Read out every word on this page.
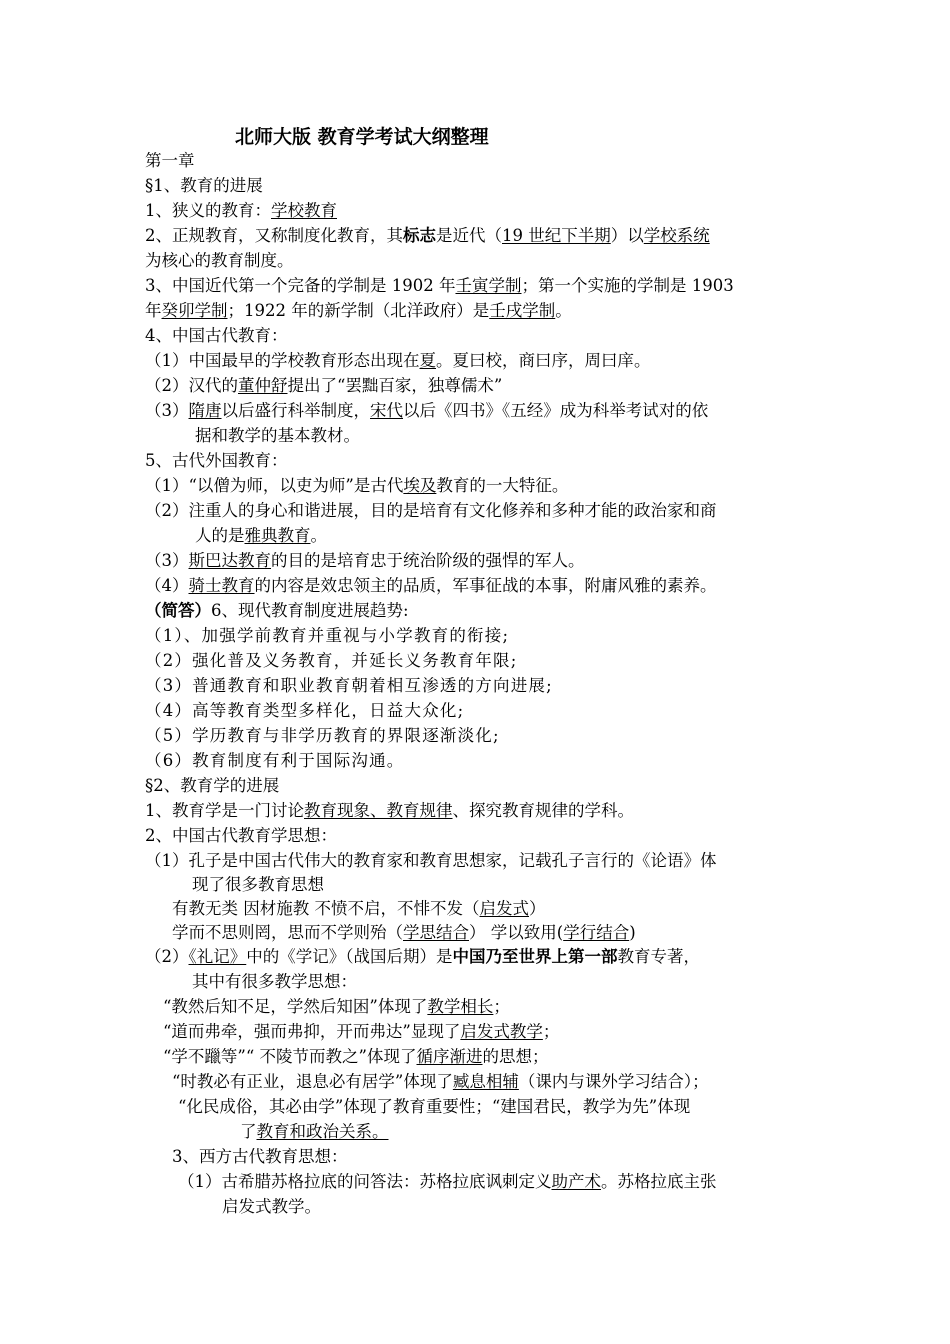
北师大版 教育学考试大纲整理
第一章
§1、教育的进展
1、狭义的教育：学校教育
2、正规教育，又称制度化教育，其标志是近代（19 世纪下半期）以学校系统
为核心的教育制度。
3、中国近代第一个完备的学制是 1902 年壬寅学制；第一个实施的学制是 1903
年癸卯学制；1922 年的新学制（北洋政府）是壬戌学制。
4、中国古代教育：
（1）中国最早的学校教育形态出现在夏。夏曰校，商曰序，周曰庠。
（2）汉代的董仲舒提出了“罢黜百家，独尊儒术”
（3）隋唐以后盛行科举制度，宋代以后《四书》《五经》成为科举考试对的依
据和教学的基本教材。
5、古代外国教育：
（1）“以僧为师，以吏为师”是古代埃及教育的一大特征。
（2）注重人的身心和谐进展，目的是培育有文化修养和多种才能的政治家和商
人的是雅典教育。
（3）斯巴达教育的目的是培育忠于统治阶级的强悍的军人。
（4）骑士教育的内容是效忠领主的品质，军事征战的本事，附庸风雅的素养。
（简答）6、现代教育制度进展趋势:
（1）、加强学前教育并重视与小学教育的衔接;
（2）强化普及义务教育，并延长义务教育年限;
（3）普通教育和职业教育朝着相互渗透的方向进展;
（4）高等教育类型多样化，日益大众化;
（5）学历教育与非学历教育的界限逐渐淡化;
（6）教育制度有利于国际沟通。
§2、教育学的进展
1、教育学是一门讨论教育现象、教育规律、探究教育规律的学科。
2、中国古代教育学思想：
（1）孔子是中国古代伟大的教育家和教育思想家，记载孔子言行的《论语》体
现了很多教育思想
有教无类 因材施教 不愤不启，不悱不发（启发式）
学而不思则罔，思而不学则殆（学思结合） 学以致用(学行结合)
（2）《礼记》中的《学记》（战国后期）是中国乃至世界上第一部教育专著，
其中有很多教学思想：
“教然后知不足，学然后知困”体现了教学相长；
“道而弗牵，强而弗抑，开而弗达”显现了启发式教学；
“学不躐等”“ 不陵节而教之”体现了循序渐进的思想；
“时教必有正业，退息必有居学”体现了臧息相辅（课内与课外学习结合）；
“化民成俗，其必由学”体现了教育重要性；“建国君民，教学为先”体现
了教育和政治关系。
3、西方古代教育思想：
（1）古希腊苏格拉底的问答法：苏格拉底讽刺定义助产术。苏格拉底主张
启发式教学。
